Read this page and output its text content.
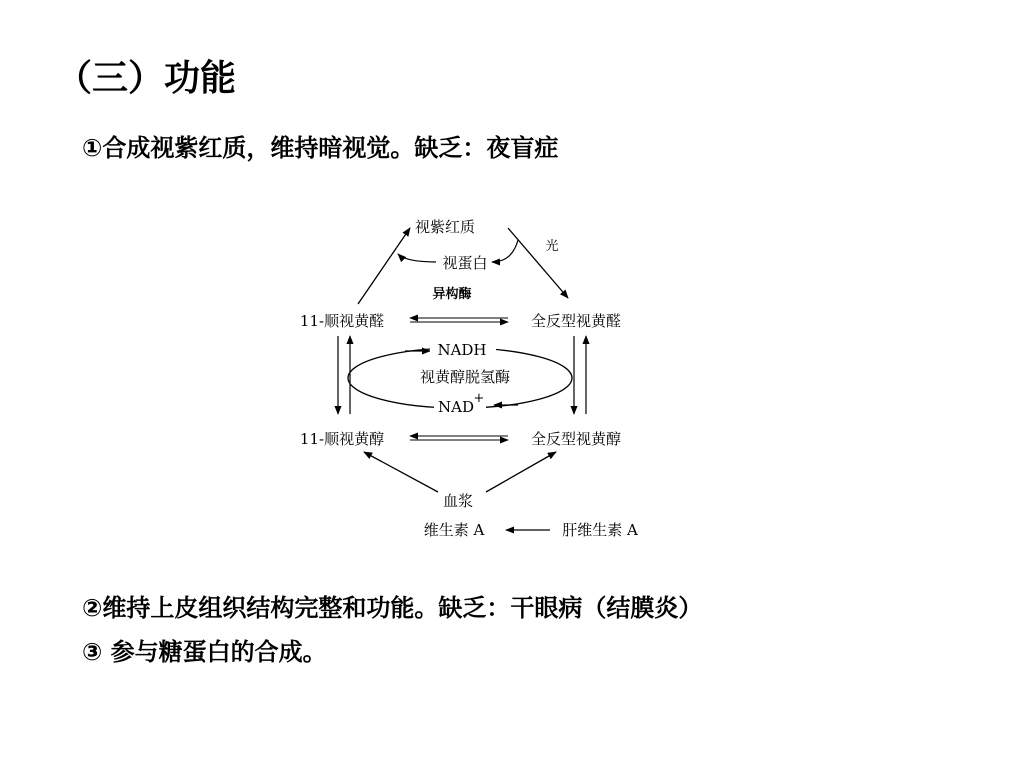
（三）功能

①合成视紫红质，维持暗视觉。缺乏：夜盲症

视紫红质
光
视蛋白
异构酶
11-顺视黄醛	全反型视黄醛
NADH
视黄醇脱氢酶
NAD +
11-顺视黄醇	全反型视黄醇
血浆
维生素 A	肝维生素 A

②维持上皮组织结构完整和功能。缺乏：干眼病（结膜炎）

③ 参与糖蛋白的合成。
